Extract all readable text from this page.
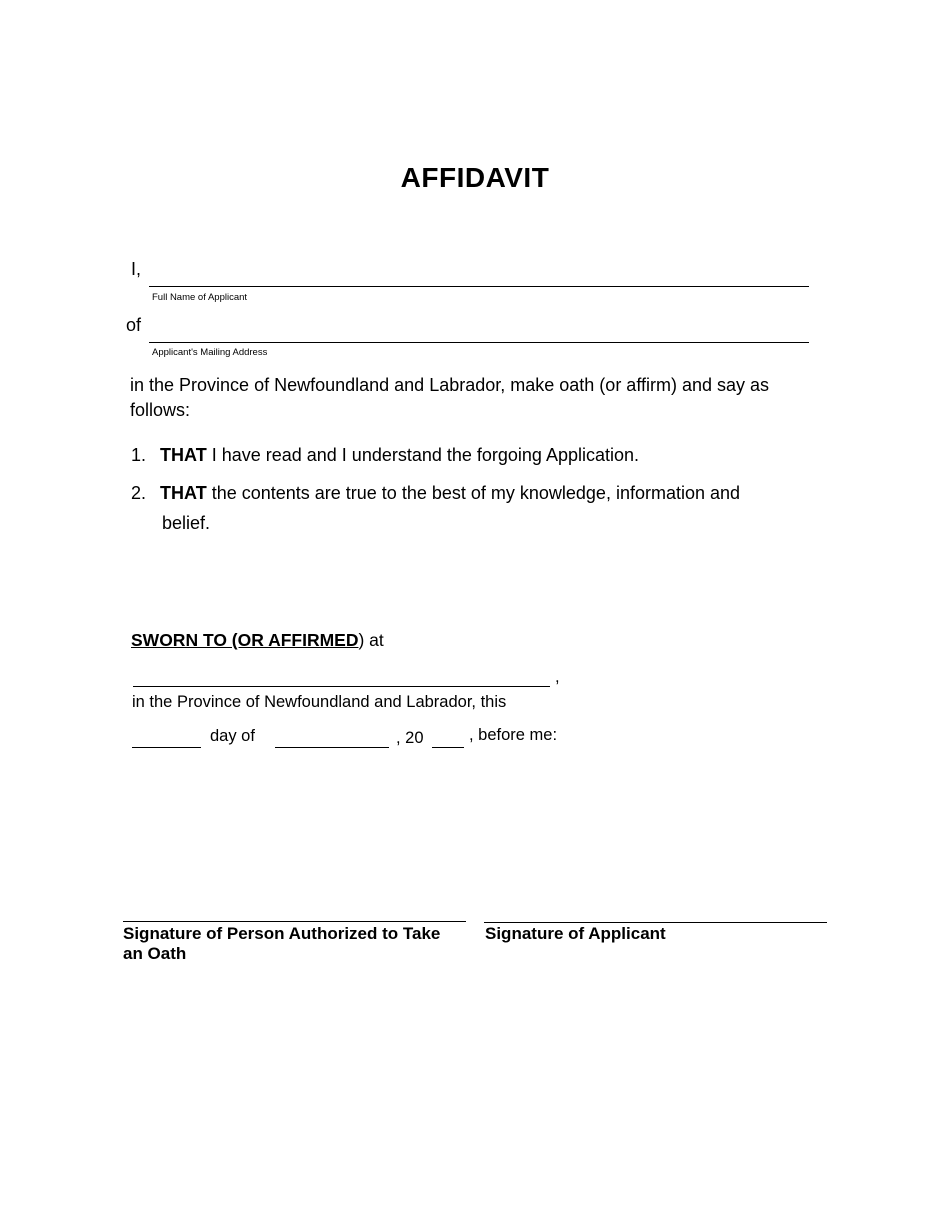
AFFIDAVIT
I,
Full Name of Applicant
of
Applicant's Mailing Address
in the Province of Newfoundland and Labrador, make oath (or affirm) and say as
follows:
1. THAT I have read and I understand the forgoing Application.
2. THAT the contents are true to the best of my knowledge, information and
belief.
SWORN TO (OR AFFIRMED) at
,
in the Province of Newfoundland and Labrador, this
day of	, 20	, before me:
Signature of Person Authorized to Take
an Oath
Signature of Applicant
